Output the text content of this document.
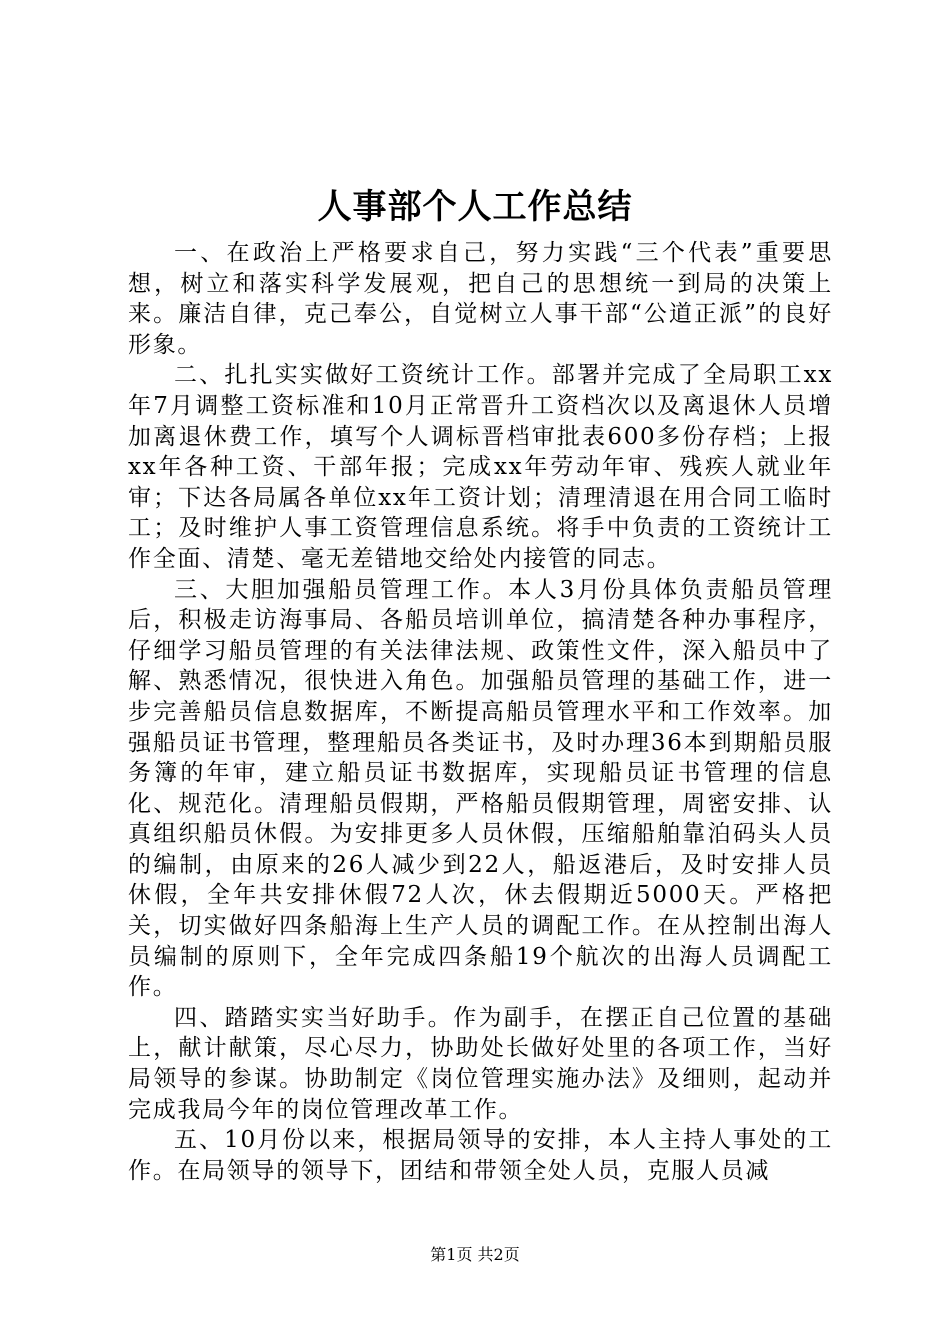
人事部个人工作总结

一、在政治上严格要求自己，努力实践“三个代表”重要思想，树立和落实科学发展观，把自己的思想统一到局的决策上来。廉洁自律，克己奉公，自觉树立人事干部“公道正派”的良好形象。

二、扎扎实实做好工资统计工作。部署并完成了全局职工xx年7月调整工资标准和10月正常晋升工资档次以及离退休人员增加离退休费工作，填写个人调标晋档审批表600多份存档；上报xx年各种工资、干部年报；完成xx年劳动年审、残疾人就业年审；下达各局属各单位xx年工资计划；清理清退在用合同工临时工；及时维护人事工资管理信息系统。将手中负责的工资统计工作全面、清楚、毫无差错地交给处内接管的同志。

三、大胆加强船员管理工作。本人3月份具体负责船员管理后，积极走访海事局、各船员培训单位，搞清楚各种办事程序，仔细学习船员管理的有关法律法规、政策性文件，深入船员中了解、熟悉情况，很快进入角色。加强船员管理的基础工作，进一步完善船员信息数据库，不断提高船员管理水平和工作效率。加强船员证书管理，整理船员各类证书，及时办理36本到期船员服务簿的年审，建立船员证书数据库，实现船员证书管理的信息化、规范化。清理船员假期，严格船员假期管理，周密安排、认真组织船员休假。为安排更多人员休假，压缩船舶靠泊码头人员的编制，由原来的26人减少到22人，船返港后，及时安排人员休假，全年共安排休假72人次，休去假期近5000天。严格把关，切实做好四条船海上生产人员的调配工作。在从控制出海人员编制的原则下，全年完成四条船19个航次的出海人员调配工作。

四、踏踏实实当好助手。作为副手，在摆正自己位置的基础上，献计献策，尽心尽力，协助处长做好处里的各项工作，当好局领导的参谋。协助制定《岗位管理实施办法》及细则，起动并完成我局今年的岗位管理改革工作。

五、10月份以来，根据局领导的安排，本人主持人事处的工作。在局领导的领导下，团结和带领全处人员，克服人员减

第1页 共2页
